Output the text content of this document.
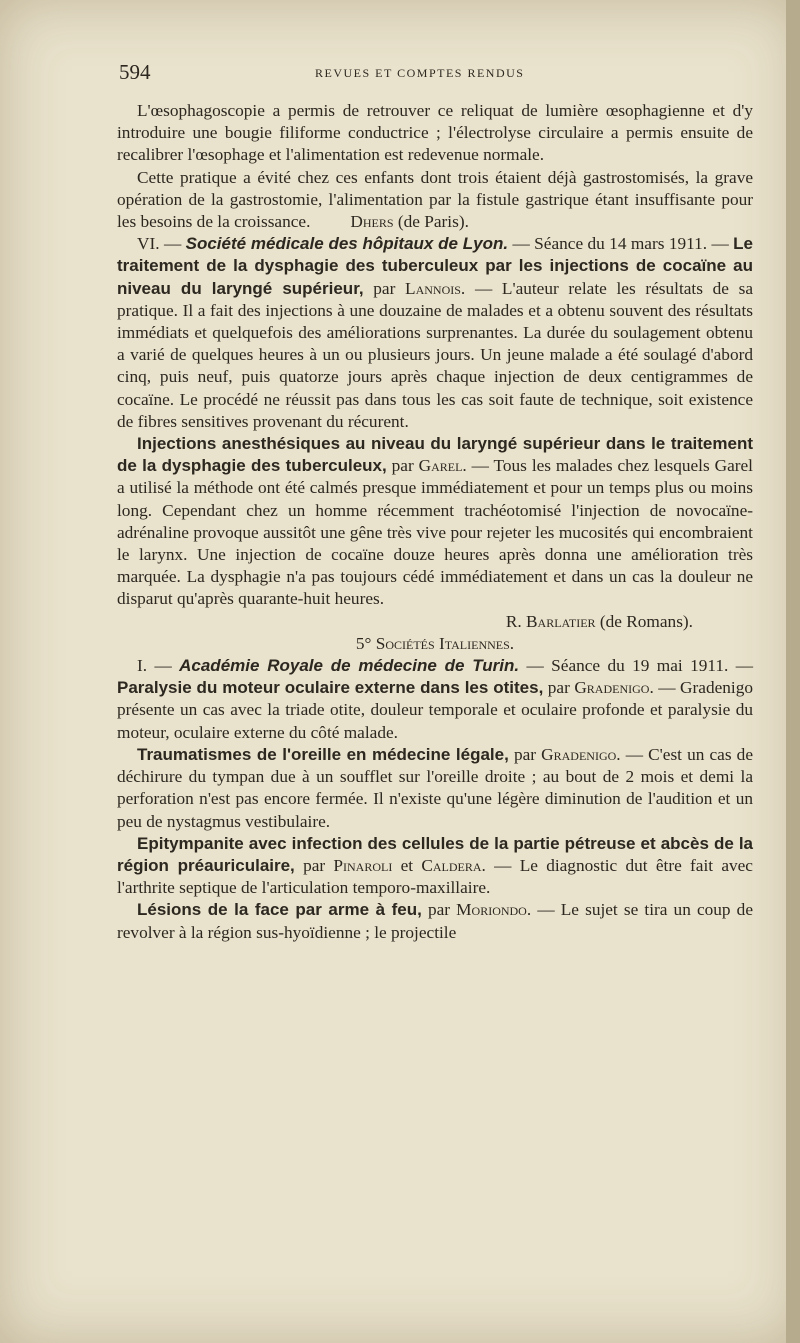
594	REVUES ET COMPTES RENDUS

L'œsophagoscopie a permis de retrouver ce reliquat de lumière œsophagienne et d'y introduire une bougie filiforme conductrice ; l'électrolyse circulaire a permis ensuite de recalibrer l'œsophage et l'alimentation est redevenue normale.

Cette pratique a évité chez ces enfants dont trois étaient déjà gastrostomisés, la grave opération de la gastrostomie, l'alimentation par la fistule gastrique étant insuffisante pour les besoins de la croissance. Dhers (de Paris).

VI. — Société médicale des hôpitaux de Lyon. — Séance du 14 mars 1911. — Le traitement de la dysphagie des tuberculeux par les injections de cocaïne au niveau du laryngé supérieur, par Lannois. — L'auteur relate les résultats de sa pratique. Il a fait des injections à une douzaine de malades et a obtenu souvent des résultats immédiats et quelquefois des améliorations surprenantes. La durée du soulagement obtenu a varié de quelques heures à un ou plusieurs jours. Un jeune malade a été soulagé d'abord cinq, puis neuf, puis quatorze jours après chaque injection de deux centigrammes de cocaïne. Le procédé ne réussit pas dans tous les cas soit faute de technique, soit existence de fibres sensitives provenant du récurent.

Injections anesthésiques au niveau du laryngé supérieur dans le traitement de la dysphagie des tuberculeux, par Garel. — Tous les malades chez lesquels Garel a utilisé la méthode ont été calmés presque immédiatement et pour un temps plus ou moins long. Cependant chez un homme récemment trachéotomisé l'injection de novocaïne-adrénaline provoque aussitôt une gêne très vive pour rejeter les mucosités qui encombraient le larynx. Une injection de cocaïne douze heures après donna une amélioration très marquée. La dysphagie n'a pas toujours cédé immédiatement et dans un cas la douleur ne disparut qu'après quarante-huit heures.

R. Barlatier (de Romans).

5° Sociétés Italiennes.

I. — Académie Royale de médecine de Turin. — Séance du 19 mai 1911. — Paralysie du moteur oculaire externe dans les otites, par Gradenigo. — Gradenigo présente un cas avec la triade otite, douleur temporale et oculaire profonde et paralysie du moteur, oculaire externe du côté malade.

Traumatismes de l'oreille en médecine légale, par Gradenigo. — C'est un cas de déchirure du tympan due à un soufflet sur l'oreille droite ; au bout de 2 mois et demi la perforation n'est pas encore fermée. Il n'existe qu'une légère diminution de l'audition et un peu de nystagmus vestibulaire.

Epitympanite avec infection des cellules de la partie pétreuse et abcès de la région préauriculaire, par Pinaroli et Caldera. — Le diagnostic dut être fait avec l'arthrite septique de l'articulation temporo-maxillaire.

Lésions de la face par arme à feu, par Moriondo. — Le sujet se tira un coup de revolver à la région sus-hyoïdienne ; le projectile
